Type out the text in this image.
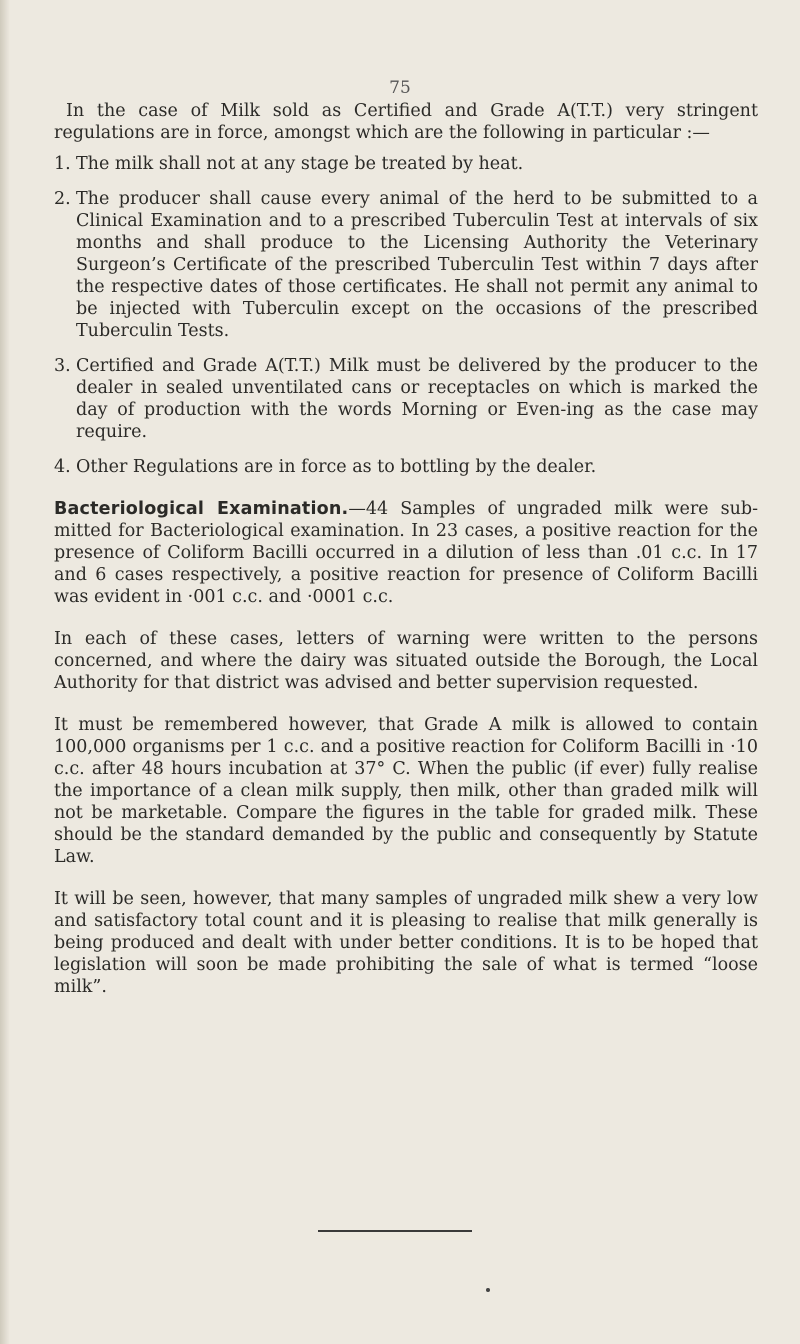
75

In the case of Milk sold as Certified and Grade A(T.T.) very stringent regulations are in force, amongst which are the following in particular :—

1. The milk shall not at any stage be treated by heat.
2. The producer shall cause every animal of the herd to be submitted to a Clinical Examination and to a prescribed Tuberculin Test at intervals of six months and shall produce to the Licensing Authority the Veterinary Surgeon’s Certificate of the prescribed Tuberculin Test within 7 days after the respective dates of those certificates. He shall not permit any animal to be injected with Tuberculin except on the occasions of the prescribed Tuberculin Tests.
3. Certified and Grade A(T.T.) Milk must be delivered by the producer to the dealer in sealed unventilated cans or receptacles on which is marked the day of production with the words Morning or Even-ing as the case may require.
4. Other Regulations are in force as to bottling by the dealer.

Bacteriological Examination.—44 Samples of ungraded milk were sub-mitted for Bacteriological examination. In 23 cases, a positive reaction for the presence of Coliform Bacilli occurred in a dilution of less than .01 c.c. In 17 and 6 cases respectively, a positive reaction for presence of Coliform Bacilli was evident in ·001 c.c. and ·0001 c.c.

In each of these cases, letters of warning were written to the persons concerned, and where the dairy was situated outside the Borough, the Local Authority for that district was advised and better supervision requested.

It must be remembered however, that Grade A milk is allowed to contain 100,000 organisms per 1 c.c. and a positive reaction for Coliform Bacilli in ·10 c.c. after 48 hours incubation at 37° C. When the public (if ever) fully realise the importance of a clean milk supply, then milk, other than graded milk will not be marketable. Compare the figures in the table for graded milk. These should be the standard demanded by the public and consequently by Statute Law.

It will be seen, however, that many samples of ungraded milk shew a very low and satisfactory total count and it is pleasing to realise that milk generally is being produced and dealt with under better conditions. It is to be hoped that legislation will soon be made prohibiting the sale of what is termed “loose milk”.
